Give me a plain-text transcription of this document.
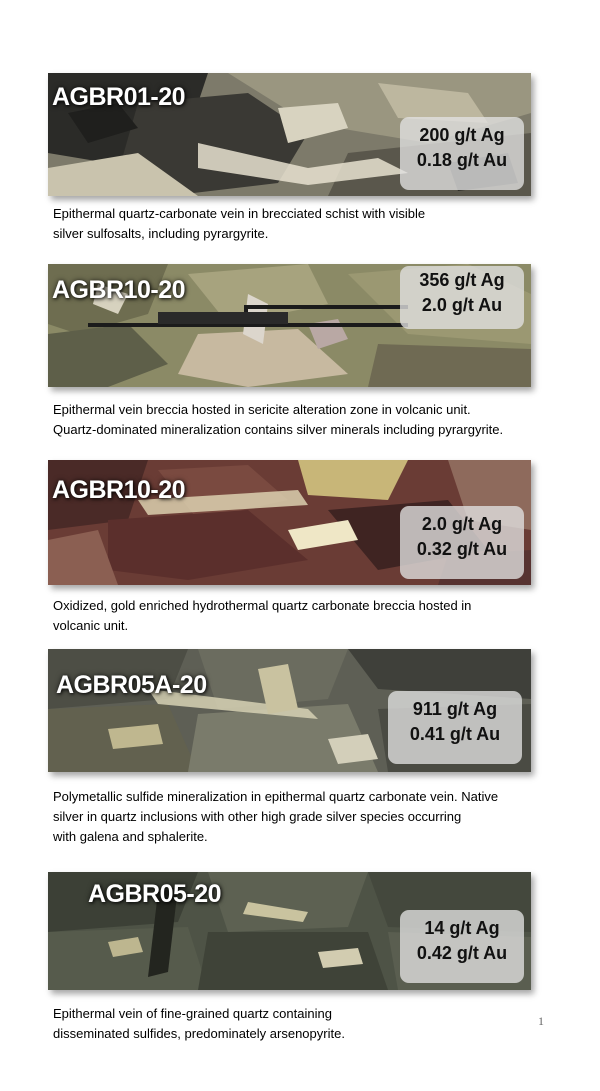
AGBR01-20
200 g/t Ag
0.18 g/t Au
Epithermal quartz-carbonate vein in brecciated schist with visible
silver sulfosalts, including pyrargyrite.
AGBR10-20	356 g/t Ag
2.0 g/t Au
Epithermal vein breccia hosted in sericite alteration zone in volcanic unit.
Quartz-dominated mineralization contains silver minerals including pyrargyrite.
AGBR10-20
2.0 g/t Ag
0.32 g/t Au
Oxidized, gold enriched hydrothermal quartz carbonate breccia hosted in
volcanic unit.
AGBR05A-20
911 g/t Ag
0.41 g/t Au
Polymetallic sulfide mineralization in epithermal quartz carbonate vein. Native
silver in quartz inclusions with other high grade silver species occurring
with galena and sphalerite.
AGBR05-20
14 g/t Ag
0.42 g/t Au
Epithermal vein of fine-grained quartz containing
disseminated sulfides, predominately arsenopyrite.
1
